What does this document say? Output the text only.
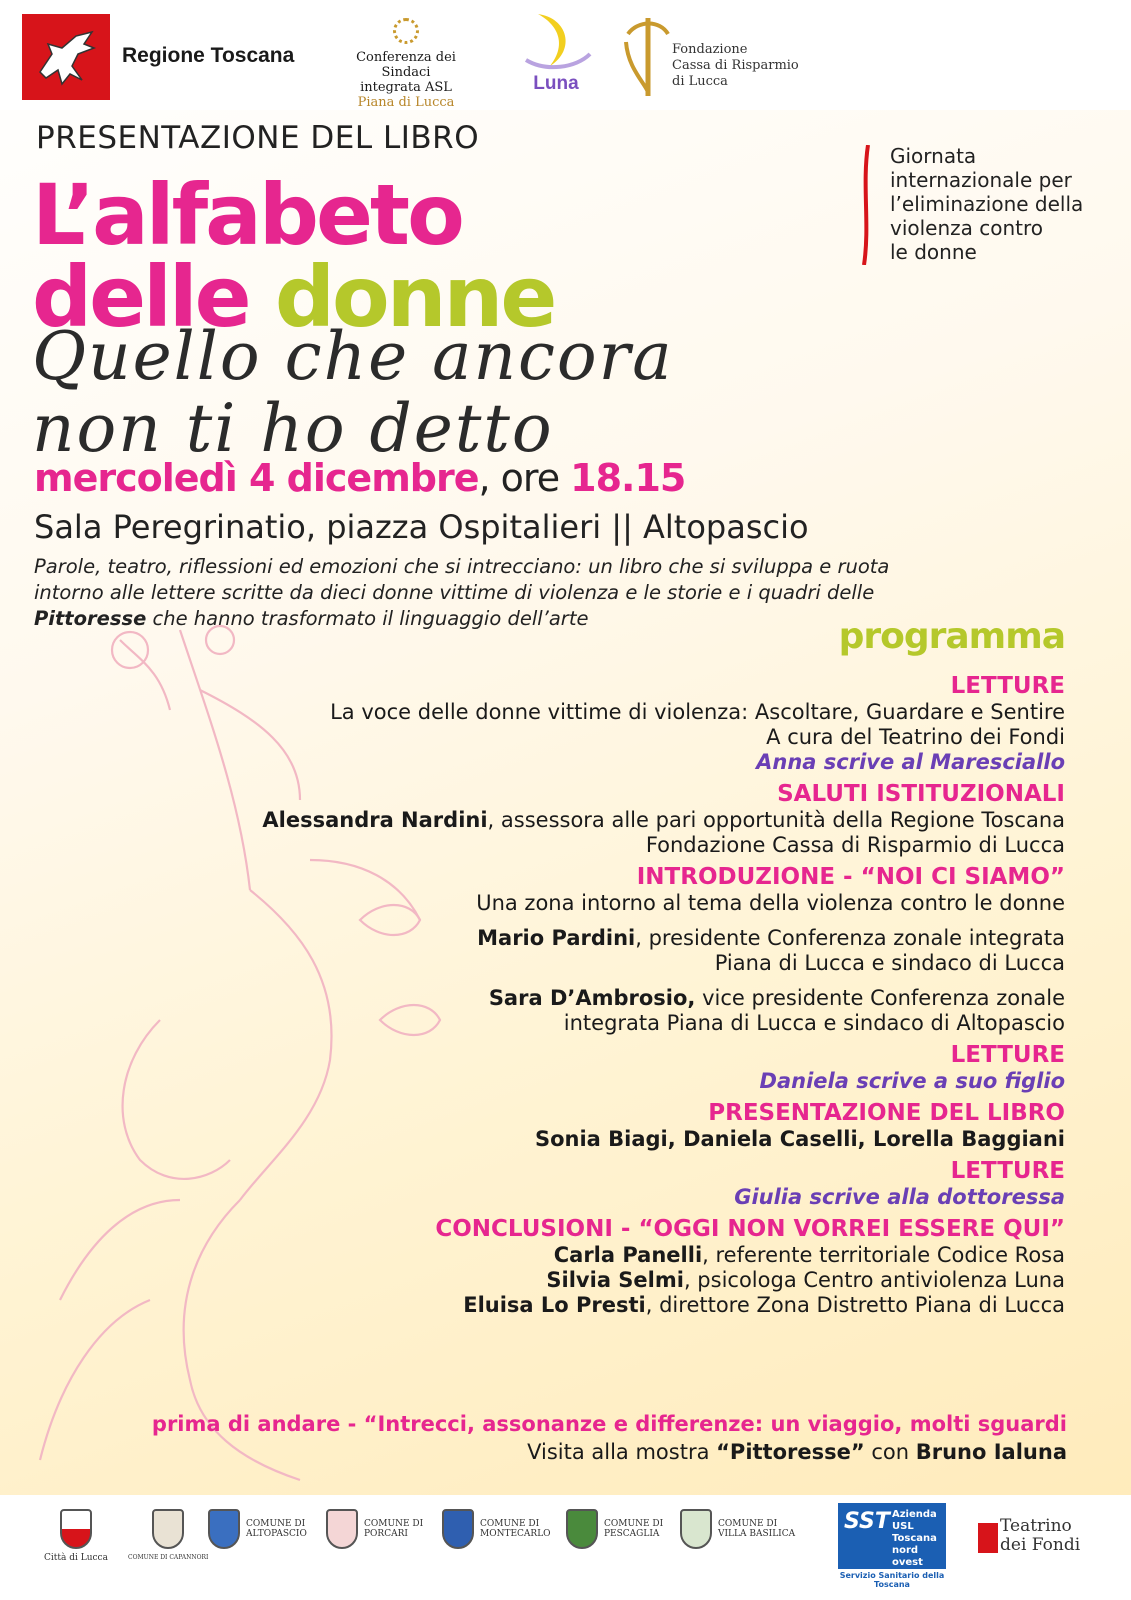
Regione Toscana	Conferenza dei Sindaci
integrata ASL
Piana di Lucca
Luna
Fondazione
Cassa di Risparmio
di Lucca
PRESENTAZIONE DEL LIBRO
L’alfabeto
delle donne
Quello che ancora
non ti ho detto
Giornata
internazionale per
l’eliminazione della
violenza contro
le donne
mercoledì 4 dicembre, ore 18.15
Sala Peregrinatio, piazza Ospitalieri || Altopascio
Parole, teatro, riflessioni ed emozioni che si intrecciano: un libro che si sviluppa e ruota
intorno alle lettere scritte da dieci donne vittime di violenza e le storie e i quadri delle
Pittoresse che hanno trasformato il linguaggio dell’arte	programma
LETTURE
La voce delle donne vittime di violenza: Ascoltare, Guardare e Sentire
A cura del Teatrino dei Fondi
Anna scrive al Maresciallo
SALUTI ISTITUZIONALI
Alessandra Nardini, assessora alle pari opportunità della Regione Toscana
Fondazione Cassa di Risparmio di Lucca
INTRODUZIONE - “NOI CI SIAMO”
Una zona intorno al tema della violenza contro le donne
Mario Pardini, presidente Conferenza zonale integrata
Piana di Lucca e sindaco di Lucca
Sara D’Ambrosio, vice presidente Conferenza zonale
integrata Piana di Lucca e sindaco di Altopascio
LETTURE
Daniela scrive a suo figlio
PRESENTAZIONE DEL LIBRO
Sonia Biagi, Daniela Caselli, Lorella Baggiani
LETTURE
Giulia scrive alla dottoressa
CONCLUSIONI - “OGGI NON VORREI ESSERE QUI”
Carla Panelli, referente territoriale Codice Rosa
Silvia Selmi, psicologa Centro antiviolenza Luna
Eluisa Lo Presti, direttore Zona Distretto Piana di Lucca
prima di andare - “Intrecci, assonanze e differenze: un viaggio, molti sguardi
Visita alla mostra “Pittoresse” con Bruno Ialuna
Città di Lucca	COMUNE DI CAPANNORI
COMUNE DI
ALTOPASCIO
COMUNE DI
PORCARI
COMUNE DI
MONTECARLO
COMUNE DI
PESCAGLIA
COMUNE DI
VILLA BASILICA SST Azienda
USL
Toscana
nord ovest
Servizio Sanitario della Toscana
Teatrino
dei Fondi
